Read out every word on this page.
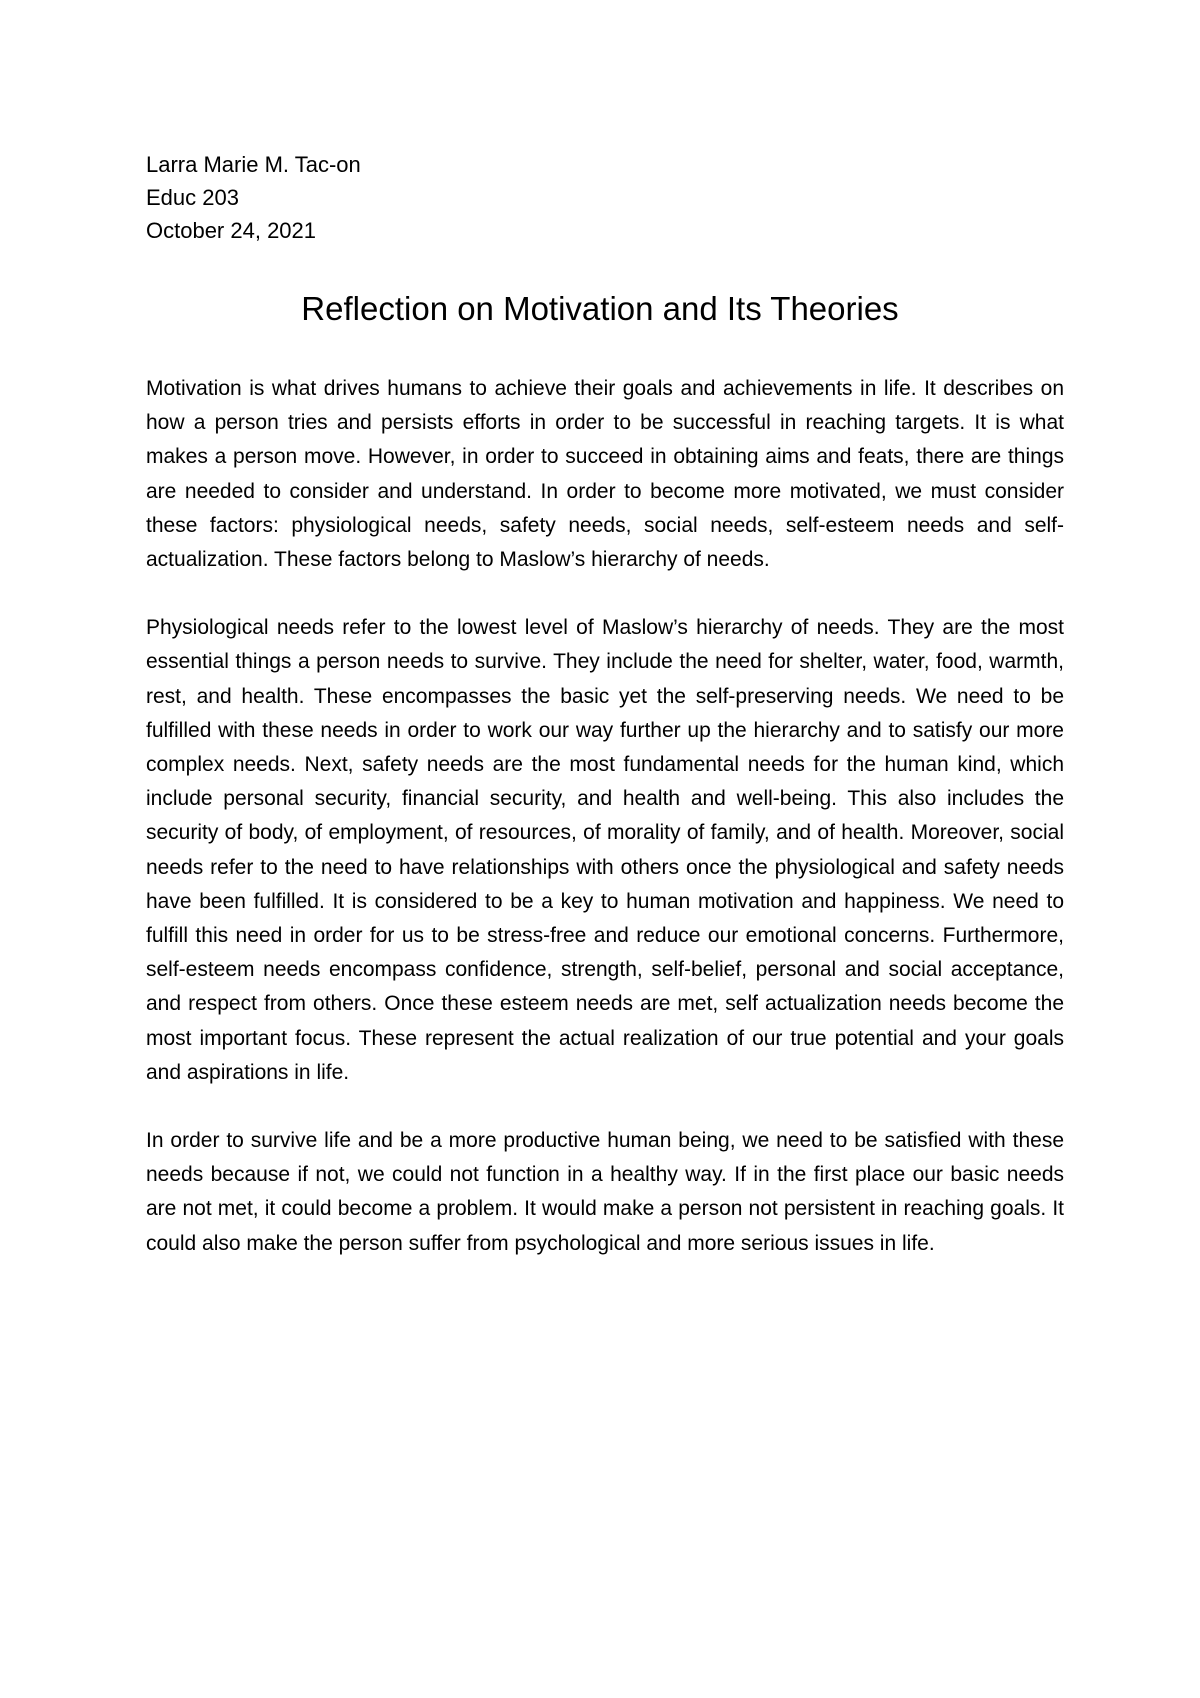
Larra Marie M. Tac-on
Educ 203
October 24, 2021
Reflection on Motivation and Its Theories

Motivation is what drives humans to achieve their goals and achievements in life. It describes on how a person tries and persists efforts in order to be successful in reaching targets. It is what makes a person move. However, in order to succeed in obtaining aims and feats, there are things are needed to consider and understand. In order to become more motivated, we must consider these factors: physiological needs, safety needs, social needs, self-esteem needs and self-actualization. These factors belong to Maslow’s hierarchy of needs.

Physiological needs refer to the lowest level of Maslow’s hierarchy of needs. They are the most essential things a person needs to survive. They include the need for shelter, water, food, warmth, rest, and health. These encompasses the basic yet the self-preserving needs. We need to be fulfilled with these needs in order to work our way further up the hierarchy and to satisfy our more complex needs. Next, safety needs are the most fundamental needs for the human kind, which include personal security, financial security, and health and well-being. This also includes the security of body, of employment, of resources, of morality of family, and of health. Moreover, social needs refer to the need to have relationships with others once the physiological and safety needs have been fulfilled. It is considered to be a key to human motivation and happiness. We need to fulfill this need in order for us to be stress-free and reduce our emotional concerns. Furthermore, self-esteem needs encompass confidence, strength, self-belief, personal and social acceptance, and respect from others. Once these esteem needs are met, self actualization needs become the most important focus. These represent the actual realization of our true potential and your goals and aspirations in life.

In order to survive life and be a more productive human being, we need to be satisfied with these needs because if not, we could not function in a healthy way. If in the first place our basic needs are not met, it could become a problem. It would make a person not persistent in reaching goals. It could also make the person suffer from psychological and more serious issues in life.
